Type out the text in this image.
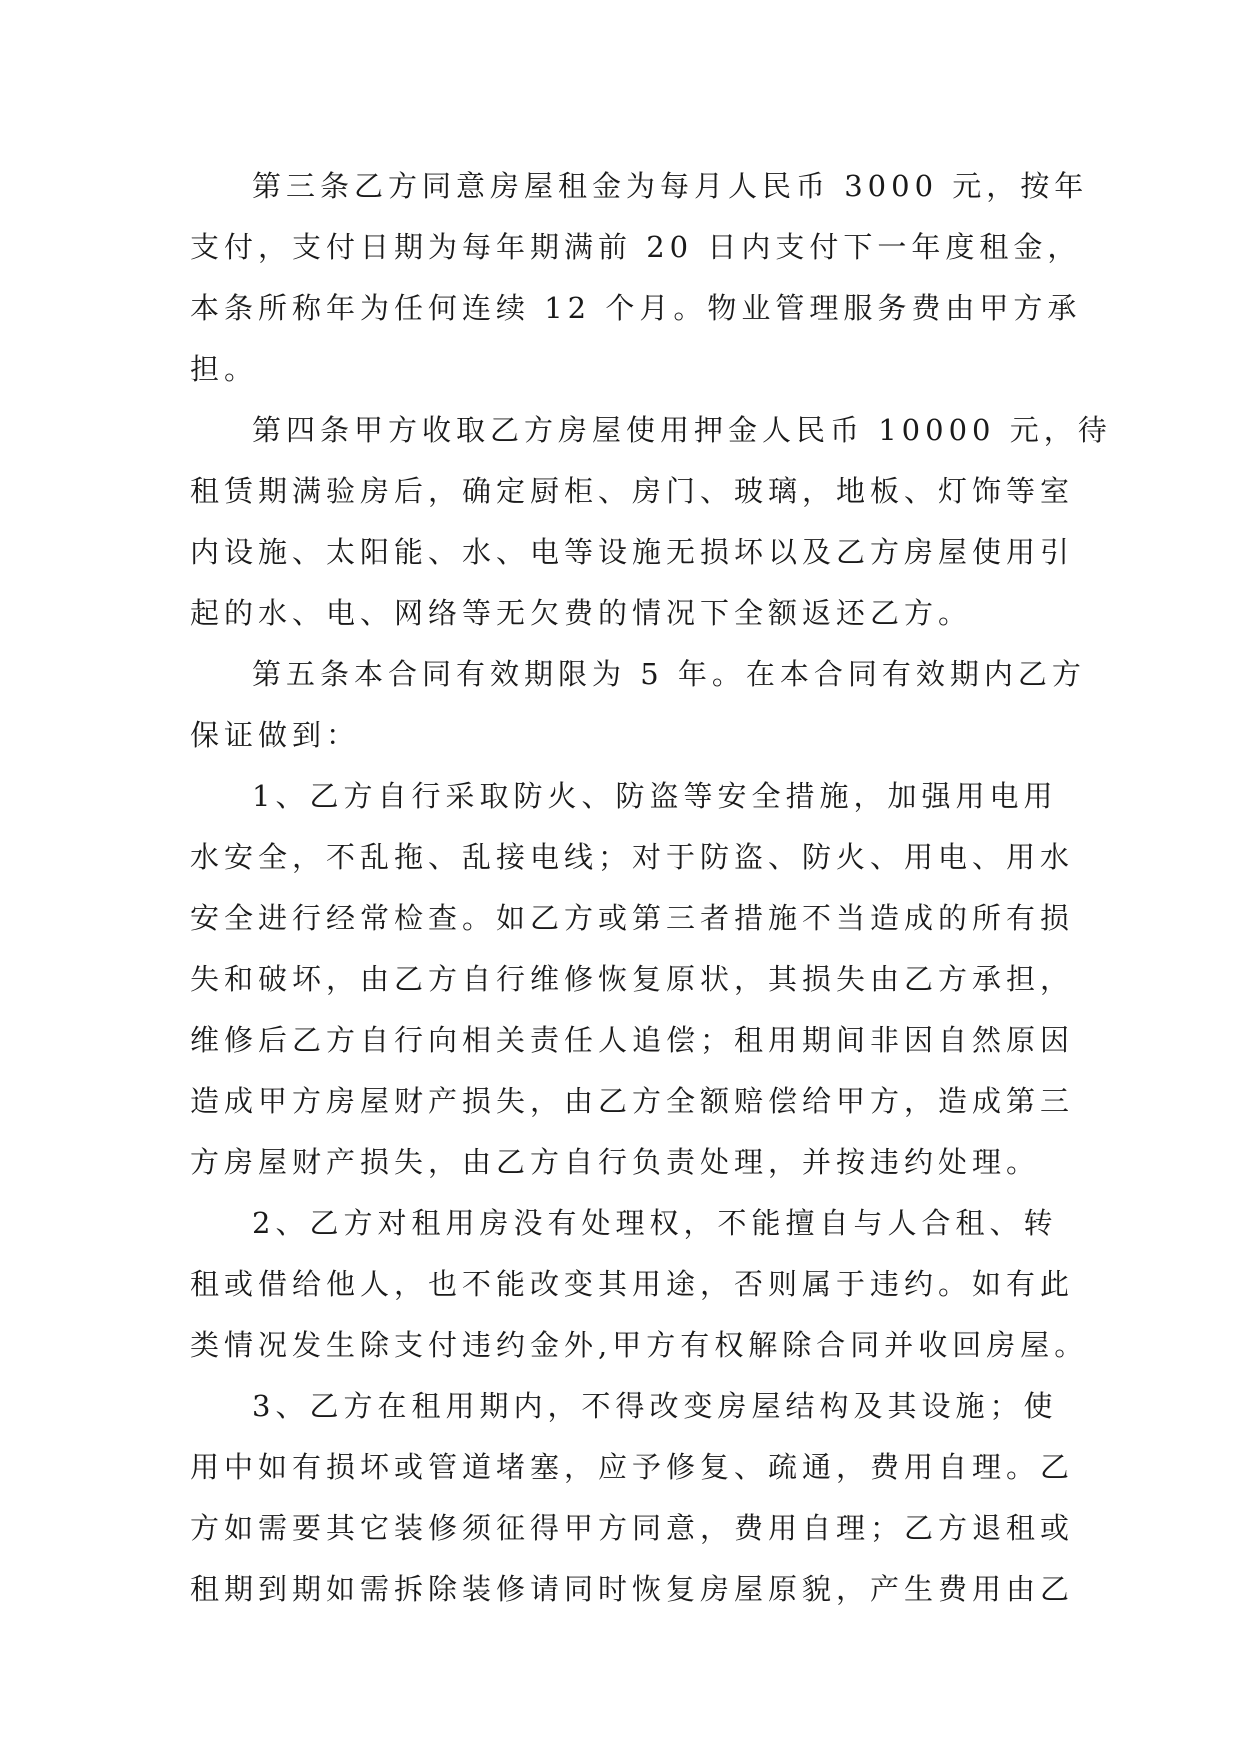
第三条乙方同意房屋租金为每月人民币 3000 元，按年
支付，支付日期为每年期满前 20 日内支付下一年度租金，
本条所称年为任何连续 12 个月。物业管理服务费由甲方承
担。
第四条甲方收取乙方房屋使用押金人民币 10000 元，待
租赁期满验房后，确定厨柜、房门、玻璃，地板、灯饰等室
内设施、太阳能、水、电等设施无损坏以及乙方房屋使用引
起的水、电、网络等无欠费的情况下全额返还乙方。
第五条本合同有效期限为 5 年。在本合同有效期内乙方
保证做到：
1、乙方自行采取防火、防盗等安全措施，加强用电用
水安全，不乱拖、乱接电线；对于防盗、防火、用电、用水
安全进行经常检查。如乙方或第三者措施不当造成的所有损
失和破坏，由乙方自行维修恢复原状，其损失由乙方承担，
维修后乙方自行向相关责任人追偿；租用期间非因自然原因
造成甲方房屋财产损失，由乙方全额赔偿给甲方，造成第三
方房屋财产损失，由乙方自行负责处理，并按违约处理。
2、乙方对租用房没有处理权，不能擅自与人合租、转
租或借给他人，也不能改变其用途，否则属于违约。如有此
类情况发生除支付违约金外,甲方有权解除合同并收回房屋。
3、乙方在租用期内，不得改变房屋结构及其设施；使
用中如有损坏或管道堵塞，应予修复、疏通，费用自理。乙
方如需要其它装修须征得甲方同意，费用自理；乙方退租或
租期到期如需拆除装修请同时恢复房屋原貌，产生费用由乙
